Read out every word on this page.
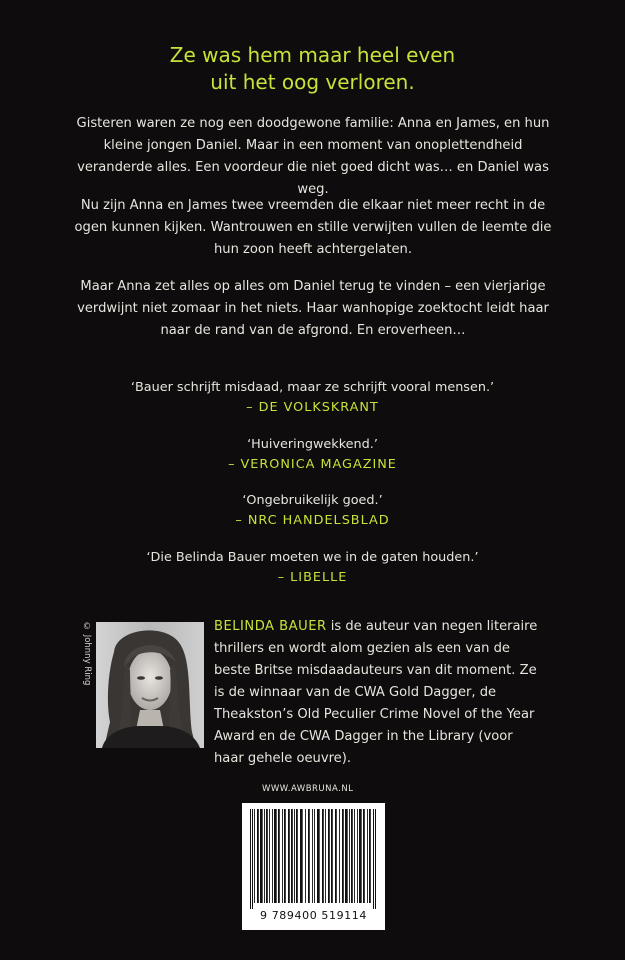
Ze was hem maar heel even
uit het oog verloren.

Gisteren waren ze nog een doodgewone familie: Anna en James, en hun kleine jongen Daniel. Maar in een moment van onoplettendheid veranderde alles. Een voordeur die niet goed dicht was… en Daniel was weg.

Nu zijn Anna en James twee vreemden die elkaar niet meer recht in de ogen kunnen kijken. Wantrouwen en stille verwijten vullen de leemte die hun zoon heeft achtergelaten.

Maar Anna zet alles op alles om Daniel terug te vinden – een vierjarige verdwijnt niet zomaar in het niets. Haar wanhopige zoektocht leidt haar naar de rand van de afgrond. En eroverheen…

‘Bauer schrijft misdaad, maar ze schrijft vooral mensen.’
– DE VOLKSKRANT

‘Huiveringwekkend.’
– VERONICA MAGAZINE

‘Ongebruikelijk goed.’
– NRC HANDELSBLAD

‘Die Belinda Bauer moeten we in de gaten houden.’
– LIBELLE

© Johnny Ring	BELINDA BAUER is de auteur van negen literaire thrillers en wordt alom gezien als een van de beste Britse misdaadauteurs van dit moment. Ze is de winnaar van de CWA Gold Dagger, de Theakston’s Old Peculier Crime Novel of the Year Award en de CWA Dagger in the Library (voor haar gehele oeuvre).

WWW.AWBRUNA.NL
9 789400 519114
